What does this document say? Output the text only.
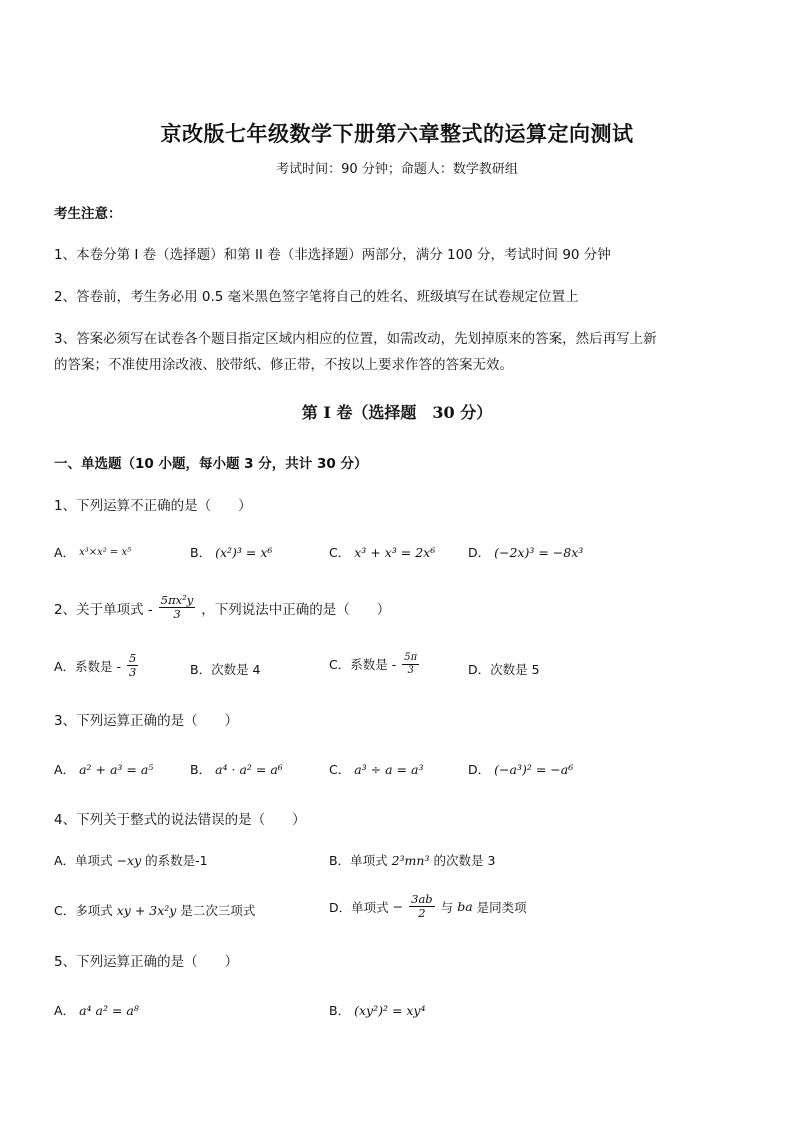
京改版七年级数学下册第六章整式的运算定向测试
考试时间：90 分钟；命题人：数学教研组
考生注意：
1、本卷分第 I 卷（选择题）和第 II 卷（非选择题）两部分，满分 100 分，考试时间 90 分钟
2、答卷前，考生务必用 0.5 毫米黑色签字笔将自己的姓名、班级填写在试卷规定位置上
3、答案必须写在试卷各个题目指定区域内相应的位置，如需改动，先划掉原来的答案，然后再写上新
的答案；不准使用涂改液、胶带纸、修正带，不按以上要求作答的答案无效。
第 I 卷（选择题　30 分）
一、单选题（10 小题，每小题 3 分，共计 30 分）
1、下列运算不正确的是（　　）
A． x³×x² = x⁵	B． (x²)³ = x⁶	C． x³ + x³ = 2x⁶	D． (−2x)³ = −8x³
2、关于单项式 - $\frac{\text{5πx²y}}{3}$ ，下列说法中正确的是（　　）
A．系数是 - $\frac{5}{3}$	B．次数是 4	C．系数是 - $\frac{5\pi}{3}$	D．次数是 5
3、下列运算正确的是（　　）
A． a² + a³ = a⁵	B． a⁴ · a² = a⁶	C． a³ ÷ a = a³	D． (−a³)² = −a⁶
4、下列关于整式的说法错误的是（　　）
A．单项式 −xy 的系数是-1	B．单项式 2³mn³ 的次数是 3
C．多项式 xy + 3x²y 是二次三项式	D．单项式 − $\frac{3ab}{2}$ 与 ba 是同类项
5、下列运算正确的是（　　）
A． a⁴ a² = a⁸	B． (xy²)² = xy⁴
